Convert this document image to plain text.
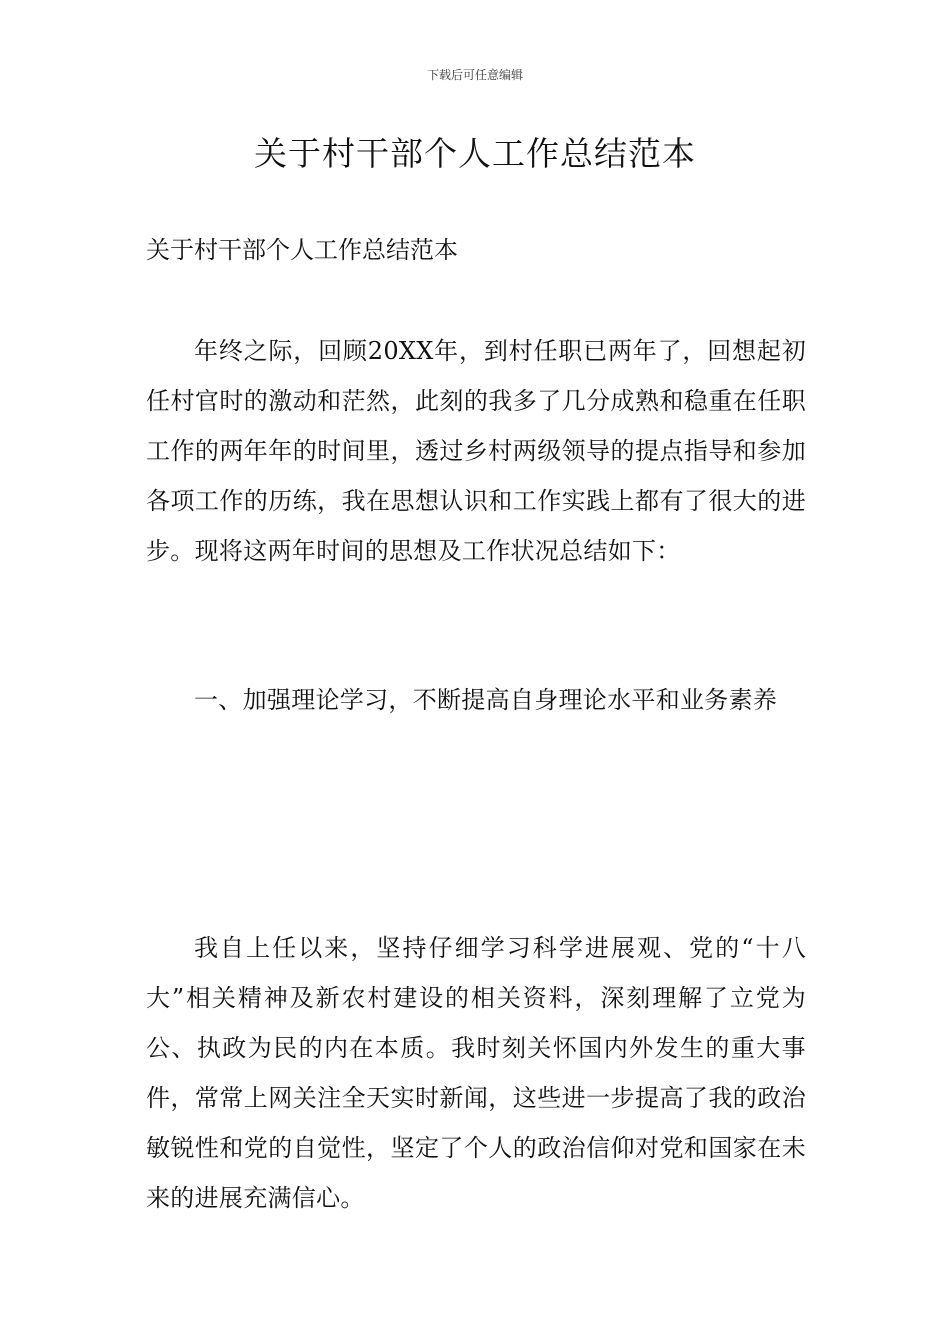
下载后可任意编辑
关于村干部个人工作总结范本

关于村干部个人工作总结范本

年终之际，回顾20XX年，到村任职已两年了，回想起初任村官时的激动和茫然，此刻的我多了几分成熟和稳重在任职工作的两年年的时间里，透过乡村两级领导的提点指导和参加各项工作的历练，我在思想认识和工作实践上都有了很大的进步。现将这两年时间的思想及工作状况总结如下：

一、加强理论学习，不断提高自身理论水平和业务素养

我自上任以来，坚持仔细学习科学进展观、党的“十八大”相关精神及新农村建设的相关资料，深刻理解了立党为公、执政为民的内在本质。我时刻关怀国内外发生的重大事件，常常上网关注全天实时新闻，这些进一步提高了我的政治敏锐性和党的自觉性，坚定了个人的政治信仰对党和国家在未来的进展充满信心。
